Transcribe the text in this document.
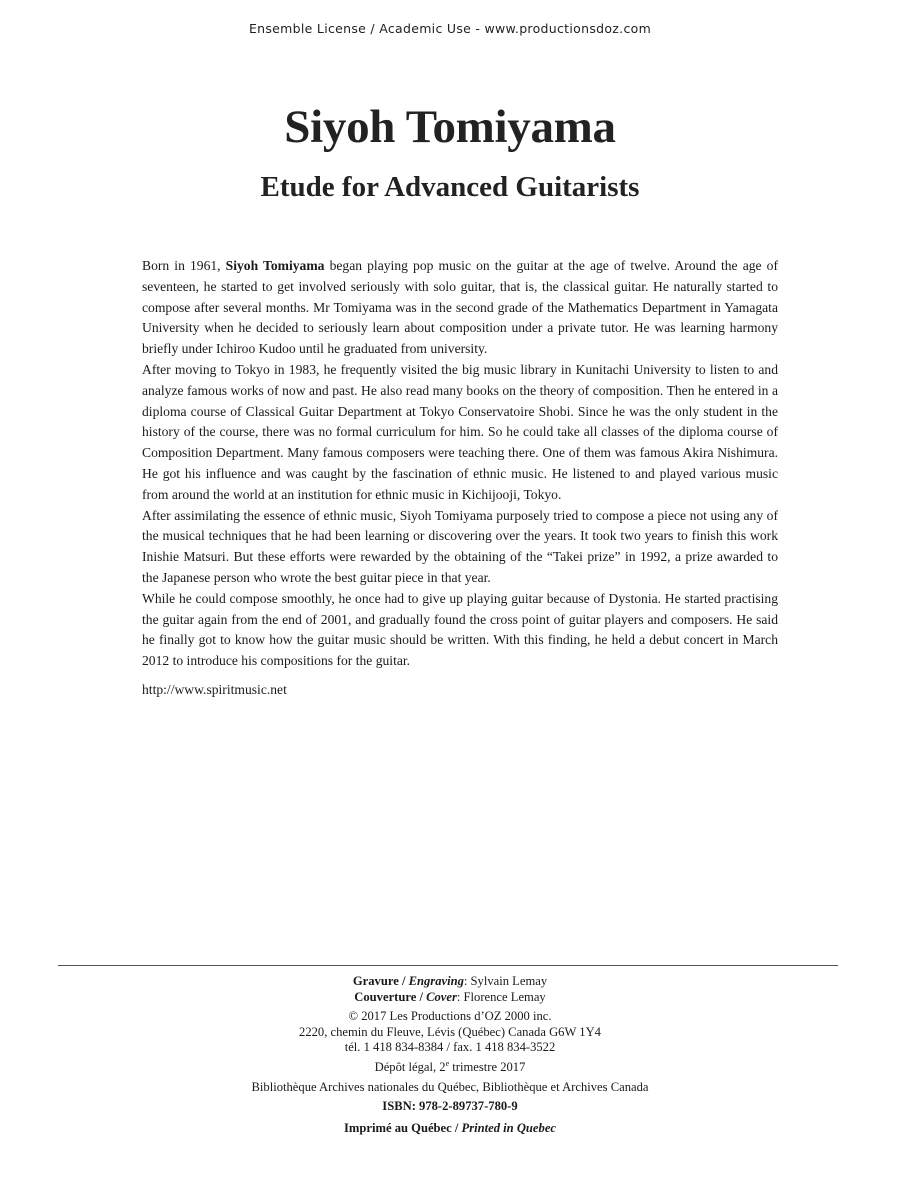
Ensemble License / Academic Use - www.productionsdoz.com
Siyoh Tomiyama
Etude for Advanced Guitarists

Born in 1961, Siyoh Tomiyama began playing pop music on the guitar at the age of twelve. Around the age of seventeen, he started to get involved seriously with solo guitar, that is, the classical guitar. He naturally started to compose after several months. Mr Tomiyama was in the second grade of the Mathematics Department in Yamagata University when he decided to seriously learn about composition under a private tutor. He was learning harmony briefly under Ichiroo Kudoo until he graduated from university.

After moving to Tokyo in 1983, he frequently visited the big music library in Kunitachi University to listen to and analyze famous works of now and past. He also read many books on the theory of composition. Then he entered in a diploma course of Classical Guitar Department at Tokyo Conservatoire Shobi. Since he was the only student in the history of the course, there was no formal curriculum for him. So he could take all classes of the diploma course of Composition Department. Many famous composers were teaching there. One of them was famous Akira Nishimura. He got his influence and was caught by the fascination of ethnic music. He listened to and played various music from around the world at an institution for ethnic music in Kichijooji, Tokyo.

After assimilating the essence of ethnic music, Siyoh Tomiyama purposely tried to compose a piece not using any of the musical techniques that he had been learning or discovering over the years. It took two years to finish this work Inishie Matsuri. But these efforts were rewarded by the obtaining of the “Takei prize” in 1992, a prize awarded to the Japanese person who wrote the best guitar piece in that year.

While he could compose smoothly, he once had to give up playing guitar because of Dystonia. He started practising the guitar again from the end of 2001, and gradually found the cross point of guitar players and composers. He said he finally got to know how the guitar music should be written. With this finding, he held a debut concert in March 2012 to introduce his compositions for the guitar.

http://www.spiritmusic.net

Gravure / Engraving: Sylvain Lemay
Couverture / Cover: Florence Lemay
© 2017 Les Productions d’OZ 2000 inc.
2220, chemin du Fleuve, Lévis (Québec) Canada G6W 1Y4
tél. 1 418 834-8384 / fax. 1 418 834-3522
Dépôt légal, 2e trimestre 2017
Bibliothèque Archives nationales du Québec, Bibliothèque et Archives Canada
ISBN: 978-2-89737-780-9
Imprimé au Québec / Printed in Quebec
